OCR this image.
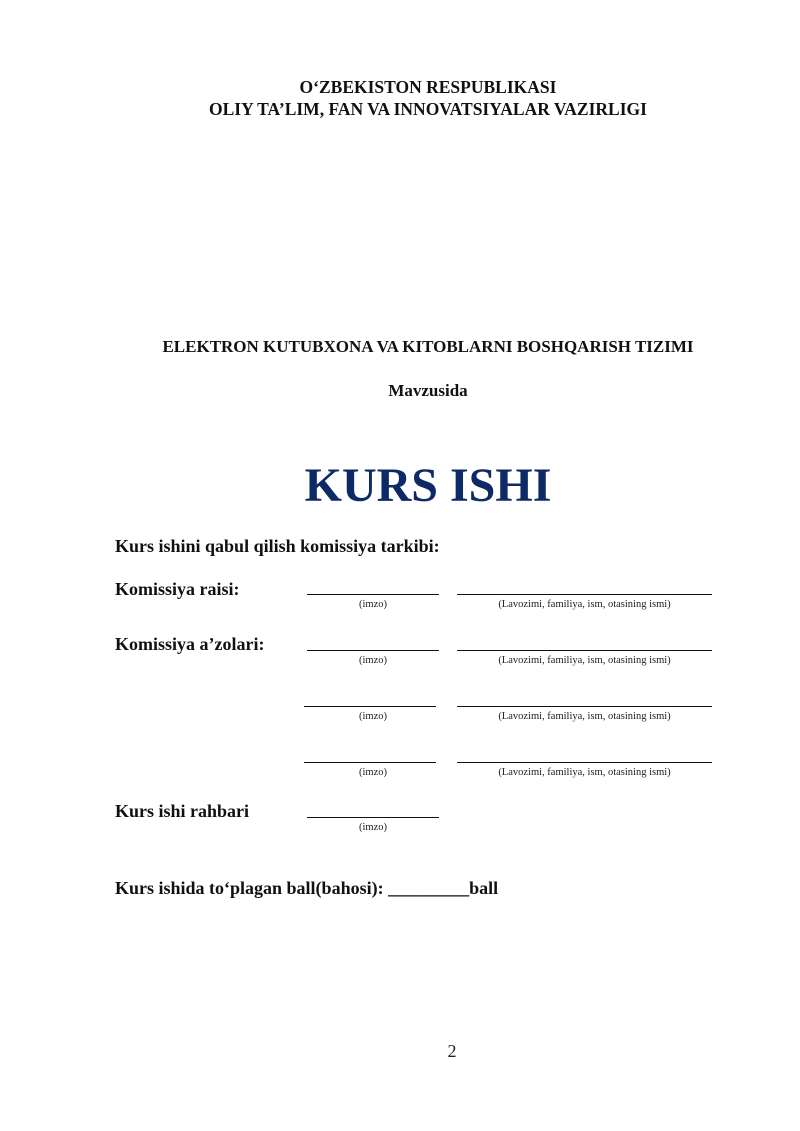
O‘ZBEKISTON RESPUBLIKASI
OLIY TA’LIM, FAN VA INNOVATSIYALAR VAZIRLIGI
ELEKTRON KUTUBXONA VA KITOBLARNI BOSHQARISH TIZIMI
Mavzusida
KURS ISHI
Kurs ishini qabul qilish komissiya tarkibi:
Komissiya raisi:
(imzo)	(Lavozimi, familiya, ism, otasining ismi)
Komissiya a’zolari:
(imzo)	(Lavozimi, familiya, ism, otasining ismi)
(imzo)	(Lavozimi, familiya, ism, otasining ismi)
(imzo)	(Lavozimi, familiya, ism, otasining ismi)
Kurs ishi rahbari
(imzo)
Kurs ishida to‘plagan ball(bahosi): _________ball
2
